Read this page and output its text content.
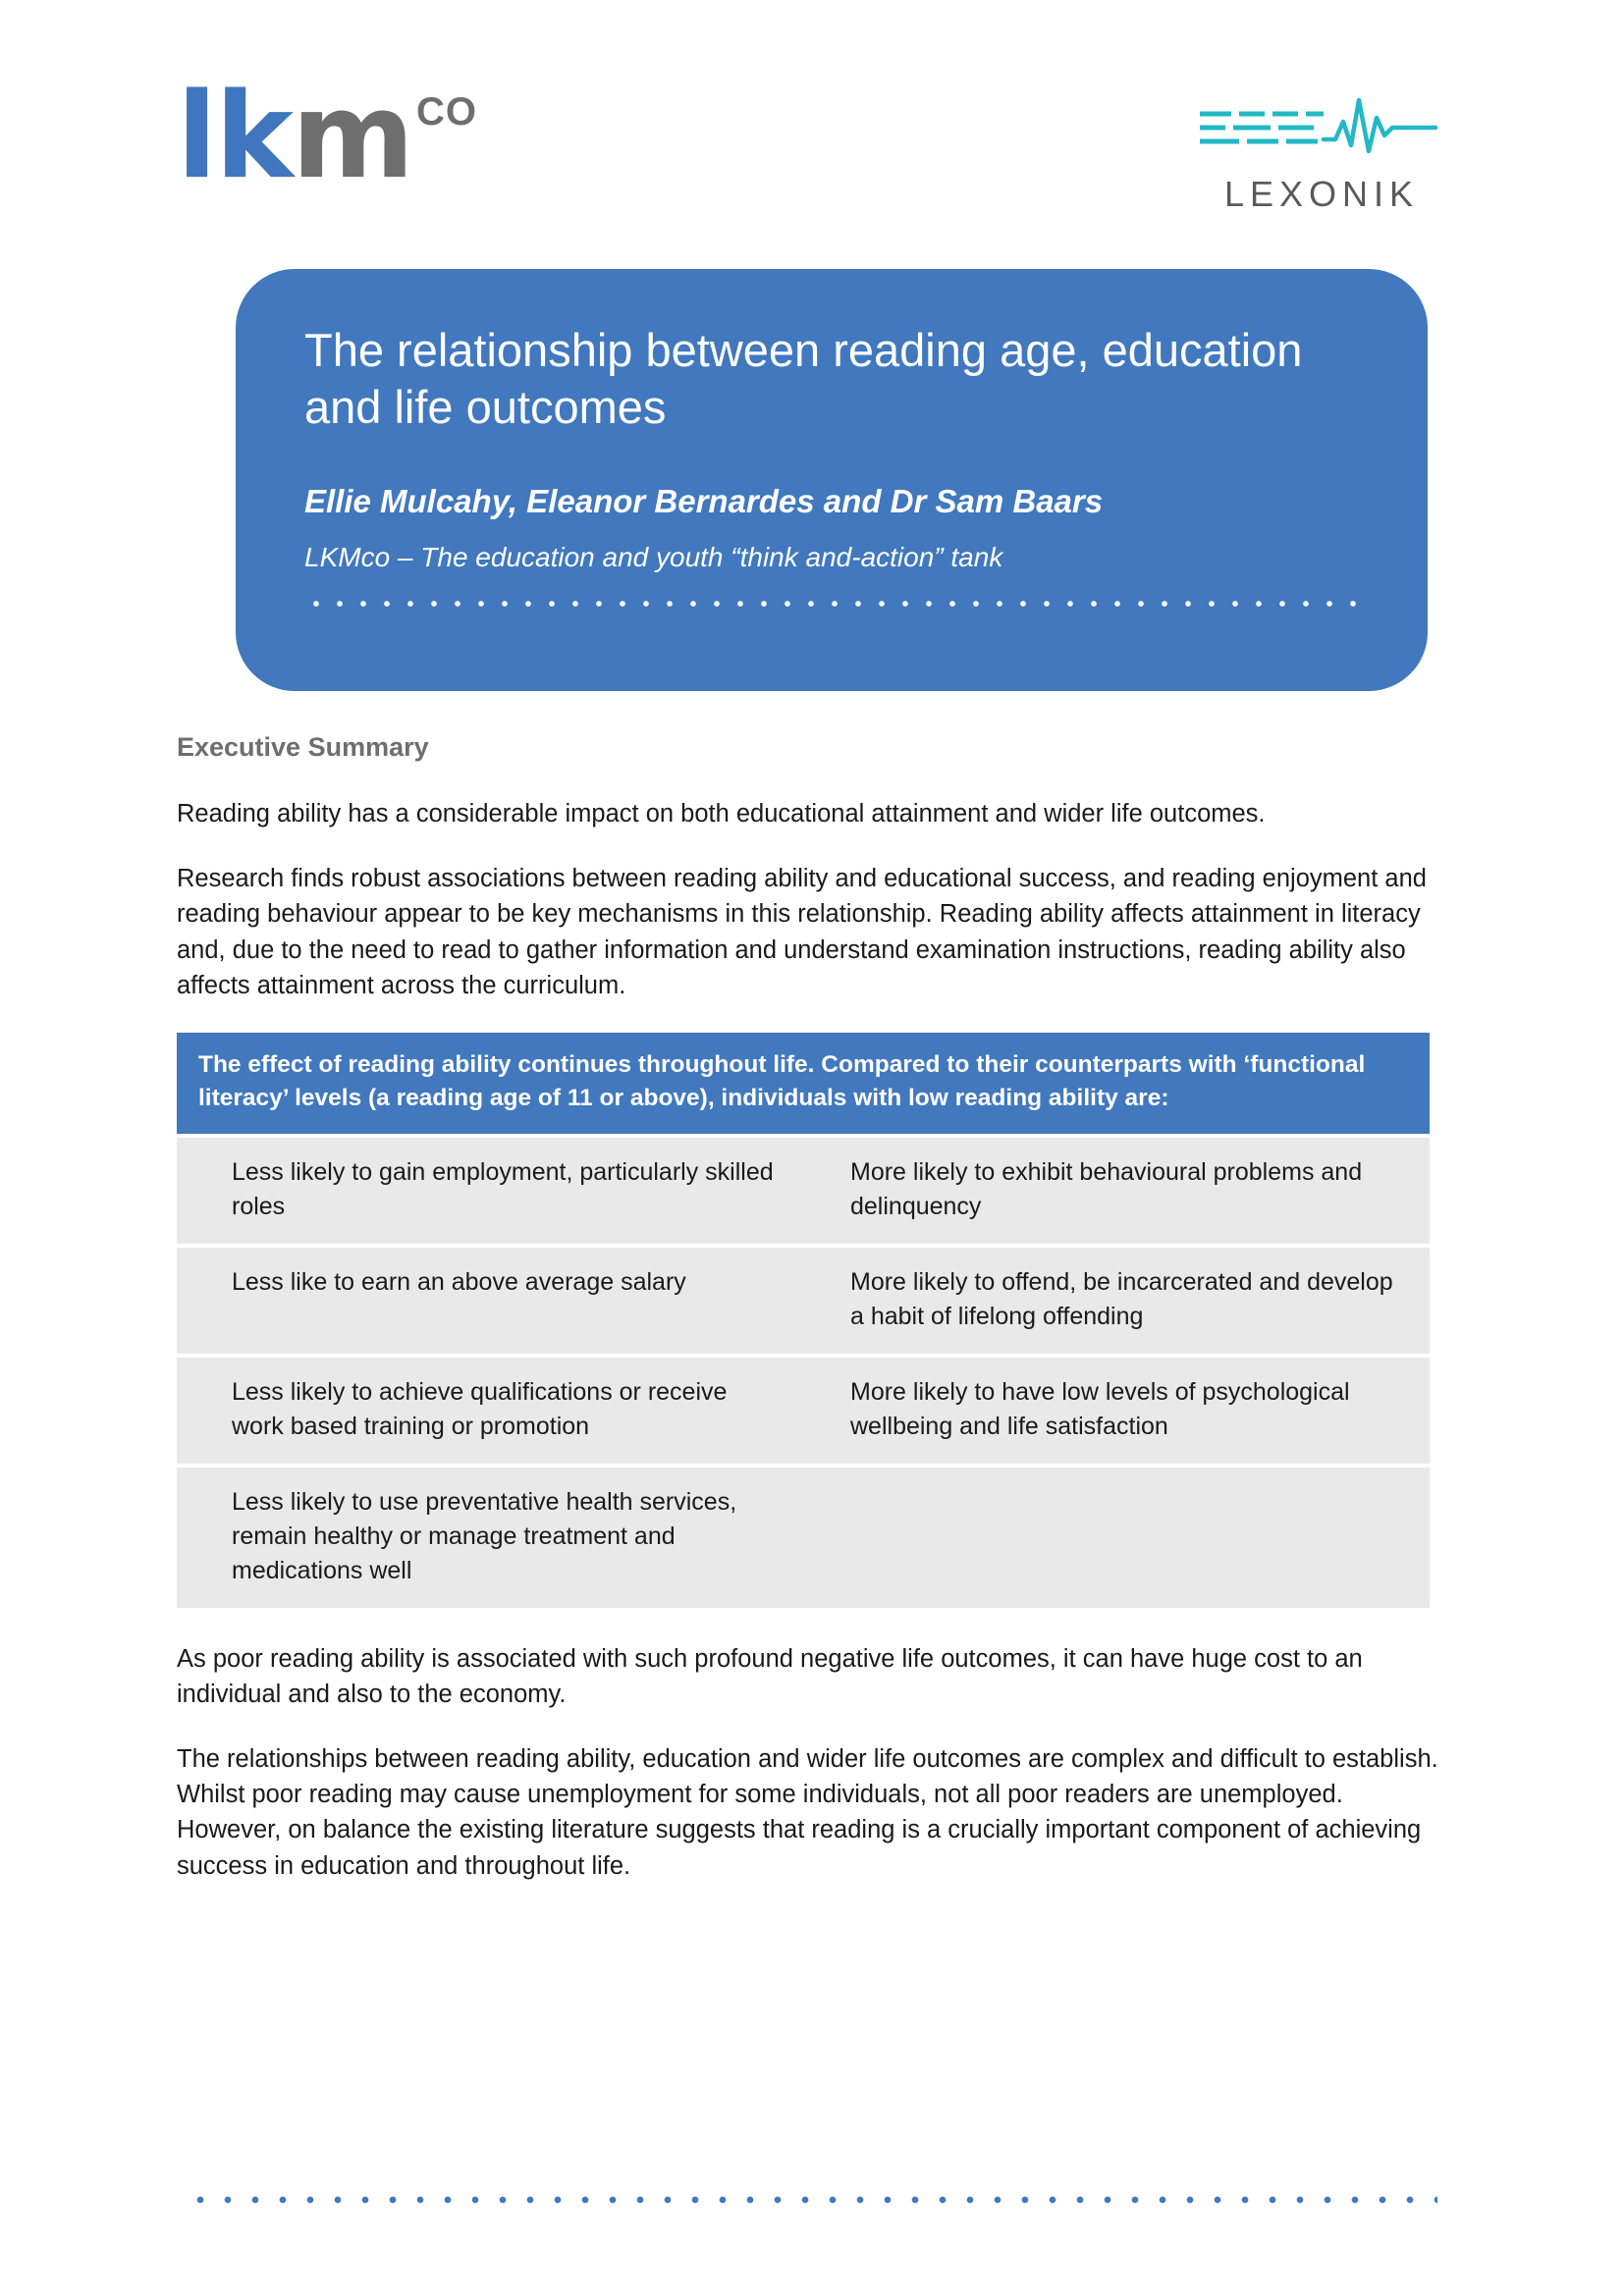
lkm CO
LEXONIK
The relationship between reading age, education and life outcomes
Ellie Mulcahy, Eleanor Bernardes and Dr Sam Baars
LKMco – The education and youth “think and-action” tank
Executive Summary

Reading ability has a considerable impact on both educational attainment and wider life outcomes.

Research finds robust associations between reading ability and educational success, and reading enjoyment and reading behaviour appear to be key mechanisms in this relationship. Reading ability affects attainment in literacy and, due to the need to read to gather information and understand examination instructions, reading ability also affects attainment across the curriculum.

The effect of reading ability continues throughout life. Compared to their counterparts with ‘functional literacy’ levels (a reading age of 11 or above), individuals with low reading ability are:
Less likely to gain employment, particularly skilled roles
More likely to exhibit behavioural problems and delinquency
Less like to earn an above average salary	More likely to offend, be incarcerated and develop a habit of lifelong offending
Less likely to achieve qualifications or receive work based training or promotion
More likely to have low levels of psychological wellbeing and life satisfaction
Less likely to use preventative health services, remain healthy or manage treatment and medications well

As poor reading ability is associated with such profound negative life outcomes, it can have huge cost to an individual and also to the economy.

The relationships between reading ability, education and wider life outcomes are complex and difficult to establish. Whilst poor reading may cause unemployment for some individuals, not all poor readers are unemployed. However, on balance the existing literature suggests that reading is a crucially important component of achieving success in education and throughout life.
